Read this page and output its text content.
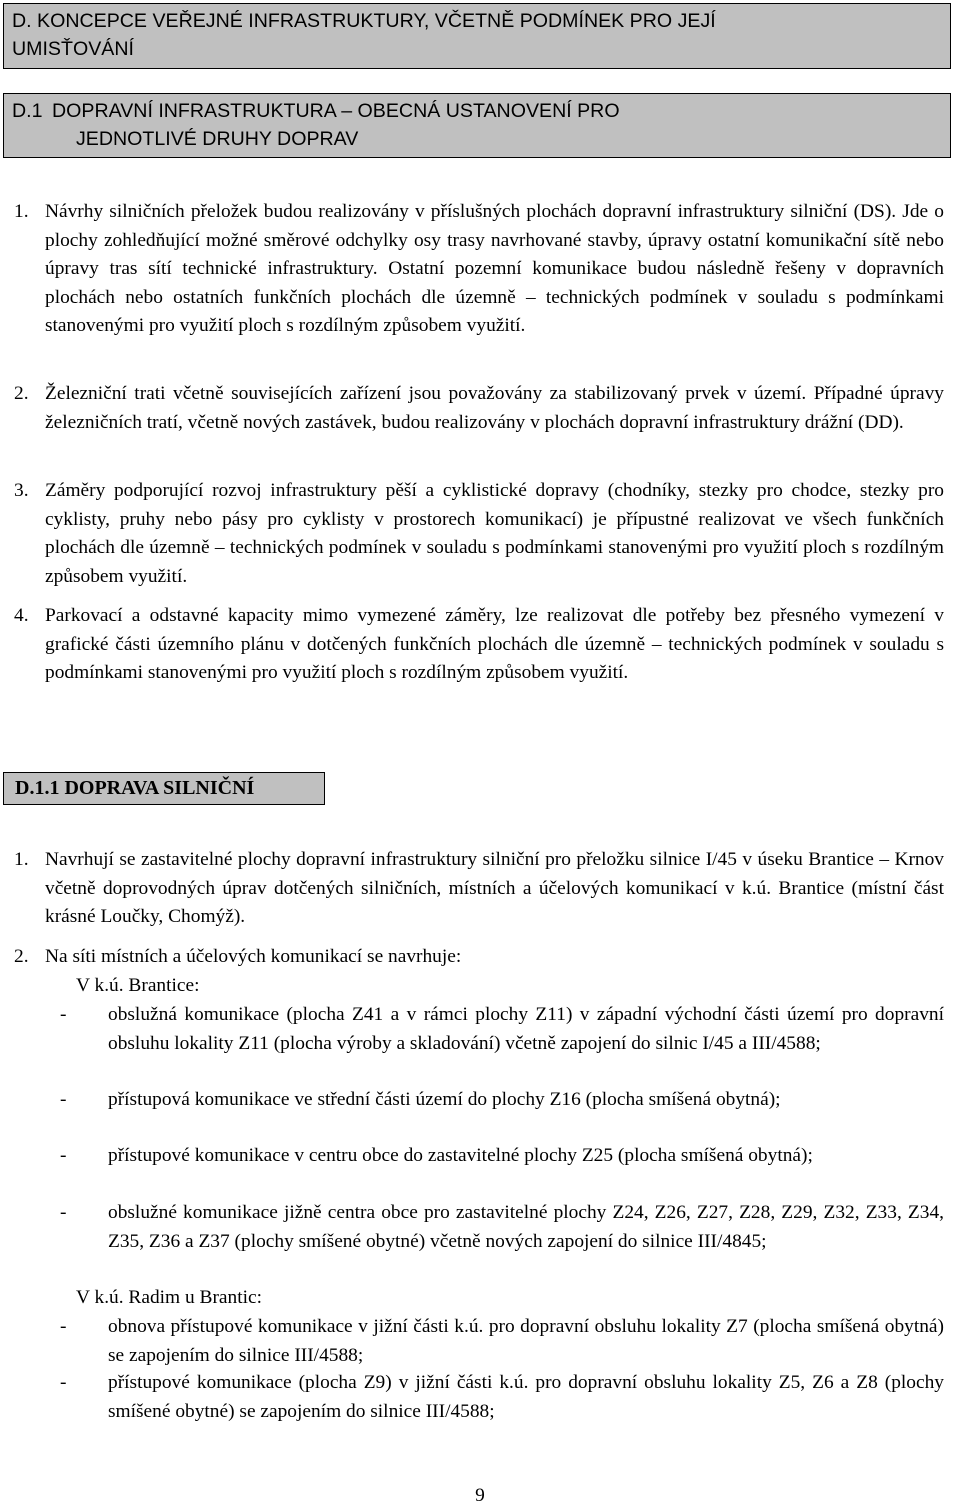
D. KONCEPCE VEŘEJNÉ INFRASTRUKTURY, VČETNĚ PODMÍNEK PRO JEJÍ
UMISŤOVÁNÍ
D.1 DOPRAVNÍ INFRASTRUKTURA – OBECNÁ USTANOVENÍ PRO
JEDNOTLIVÉ DRUHY DOPRAV
1. Návrhy silničních přeložek budou realizovány v příslušných plochách dopravní infrastruktury silniční (DS). Jde o plochy zohledňující možné směrové odchylky osy trasy navrhované stavby, úpravy ostatní komunikační sítě nebo úpravy tras sítí technické infrastruktury. Ostatní pozemní komunikace budou následně řešeny v dopravních plochách nebo ostatních funkčních plochách dle územně – technických podmínek v souladu s podmínkami stanovenými pro využití ploch s rozdílným způsobem využití.
2. Železniční trati včetně souvisejících zařízení jsou považovány za stabilizovaný prvek v území. Případné úpravy železničních tratí, včetně nových zastávek, budou realizovány v plochách dopravní infrastruktury drážní (DD).
3. Záměry podporující rozvoj infrastruktury pěší a cyklistické dopravy (chodníky, stezky pro chodce, stezky pro cyklisty, pruhy nebo pásy pro cyklisty v prostorech komunikací) je přípustné realizovat ve všech funkčních plochách dle územně – technických podmínek v souladu s podmínkami stanovenými pro využití ploch s rozdílným způsobem využití.
4. Parkovací a odstavné kapacity mimo vymezené záměry, lze realizovat dle potřeby bez přesného vymezení v grafické části územního plánu v dotčených funkčních plochách dle územně – technických podmínek v souladu s podmínkami stanovenými pro využití ploch s rozdílným způsobem využití.
D.1.1 DOPRAVA SILNIČNÍ
1. Navrhují se zastavitelné plochy dopravní infrastruktury silniční pro přeložku silnice I/45 v úseku Brantice – Krnov včetně doprovodných úprav dotčených silničních, místních a účelových komunikací v k.ú. Brantice (místní část krásné Loučky, Chomýž).
2. Na síti místních a účelových komunikací se navrhuje:
V k.ú. Brantice:
- obslužná komunikace (plocha Z41 a v rámci plochy Z11) v západní východní části území pro dopravní obsluhu lokality Z11 (plocha výroby a skladování) včetně zapojení do silnic I/45 a III/4588;
- přístupová komunikace ve střední části území do plochy Z16 (plocha smíšená obytná);
- přístupové komunikace v centru obce do zastavitelné plochy Z25 (plocha smíšená obytná);
- obslužné komunikace jižně centra obce pro zastavitelné plochy Z24, Z26, Z27, Z28, Z29, Z32, Z33, Z34, Z35, Z36 a Z37 (plochy smíšené obytné) včetně nových zapojení do silnice III/4845;
V k.ú. Radim u Brantic:
- obnova přístupové komunikace v jižní části k.ú. pro dopravní obsluhu lokality Z7 (plocha smíšená obytná) se zapojením do silnice III/4588;
- přístupové komunikace (plocha Z9) v jižní části k.ú. pro dopravní obsluhu lokality Z5, Z6 a Z8 (plochy smíšené obytné) se zapojením do silnice III/4588;
9
